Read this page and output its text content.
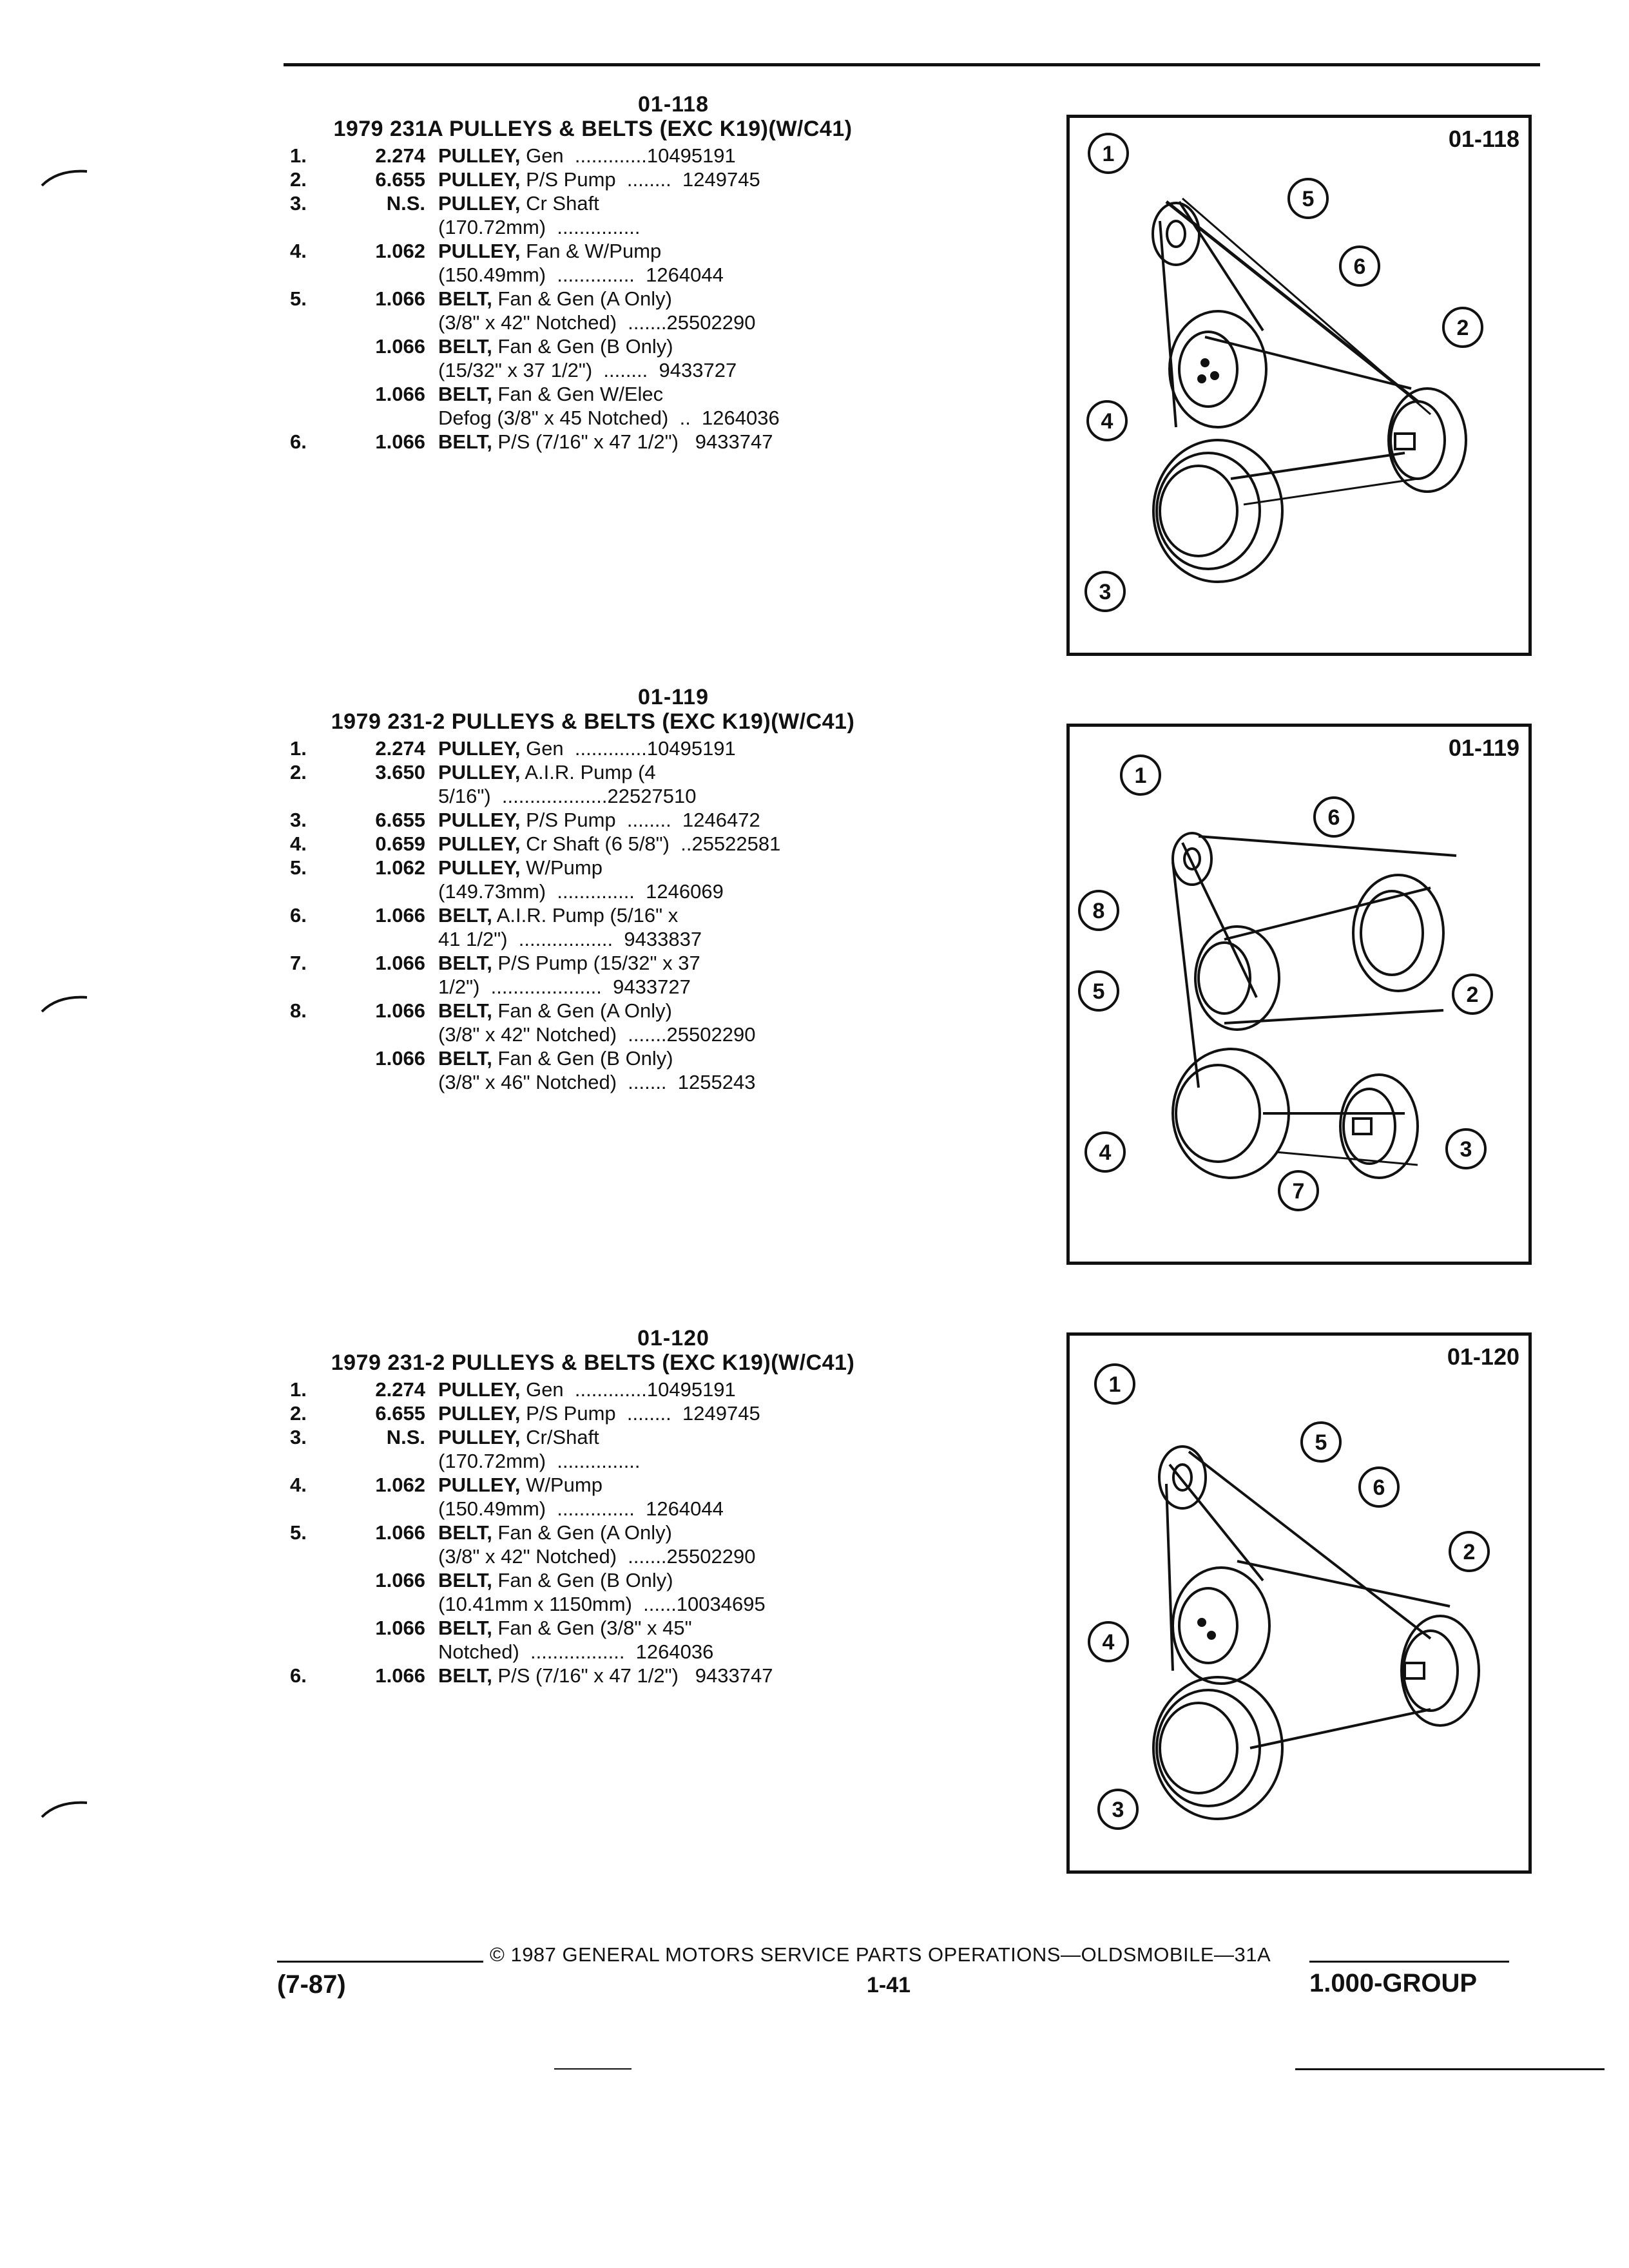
01-118
1979 231A PULLEYS & BELTS (EXC K19)(W/C41)
1.	2.274 PULLEY, Gen  .............10495191
2.	6.655 PULLEY, P/S Pump  ........  1249745
3.	N.S. PULLEY, Cr Shaft
(170.72mm)  ...............
4.	1.062 PULLEY, Fan & W/Pump
(150.49mm)  ..............  1264044
5.	1.066 BELT, Fan & Gen (A Only)
(3/8" x 42" Notched)  .......25502290
1.066 BELT, Fan & Gen (B Only)
(15/32" x 37 1/2")  ........  9433727
1.066 BELT, Fan & Gen W/Elec
Defog (3/8" x 45 Notched)  ..  1264036
6.	1.066 BELT, P/S (7/16" x 47 1/2")   9433747
01-119
1979 231-2 PULLEYS & BELTS (EXC K19)(W/C41)
1.	2.274 PULLEY, Gen  .............10495191
2.	3.650 PULLEY, A.I.R. Pump (4
5/16")  ...................22527510
3.	6.655 PULLEY, P/S Pump  ........  1246472
4.	0.659 PULLEY, Cr Shaft (6 5/8")  ..25522581
5.	1.062 PULLEY, W/Pump
(149.73mm)  ..............  1246069
6.	1.066 BELT, A.I.R. Pump (5/16" x
41 1/2")  .................  9433837
7.	1.066 BELT, P/S Pump (15/32" x 37
1/2")  ....................  9433727
8.	1.066 BELT, Fan & Gen (A Only)
(3/8" x 42" Notched)  .......25502290
1.066 BELT, Fan & Gen (B Only)
(3/8" x 46" Notched)  .......  1255243
01-120
1979 231-2 PULLEYS & BELTS (EXC K19)(W/C41)
1.	2.274 PULLEY, Gen  .............10495191
2.	6.655 PULLEY, P/S Pump  ........  1249745
3.	N.S. PULLEY, Cr/Shaft
(170.72mm)  ...............
4.	1.062 PULLEY, W/Pump
(150.49mm)  ..............  1264044
5.	1.066 BELT, Fan & Gen (A Only)
(3/8" x 42" Notched)  .......25502290
1.066 BELT, Fan & Gen (B Only)
(10.41mm x 1150mm)  ......10034695
1.066 BELT, Fan & Gen (3/8" x 45"
Notched)  .................  1264036
6.	1.066 BELT, P/S (7/16" x 47 1/2")   9433747
1
5
6
2
4
3
01-118
1
6
8
5	2
4
7
3
01-119
1
5
6
2
4
3
01-120
© 1987 GENERAL MOTORS SERVICE PARTS OPERATIONS—OLDSMOBILE—31A
(7-87)	1-41	1.000-GROUP
